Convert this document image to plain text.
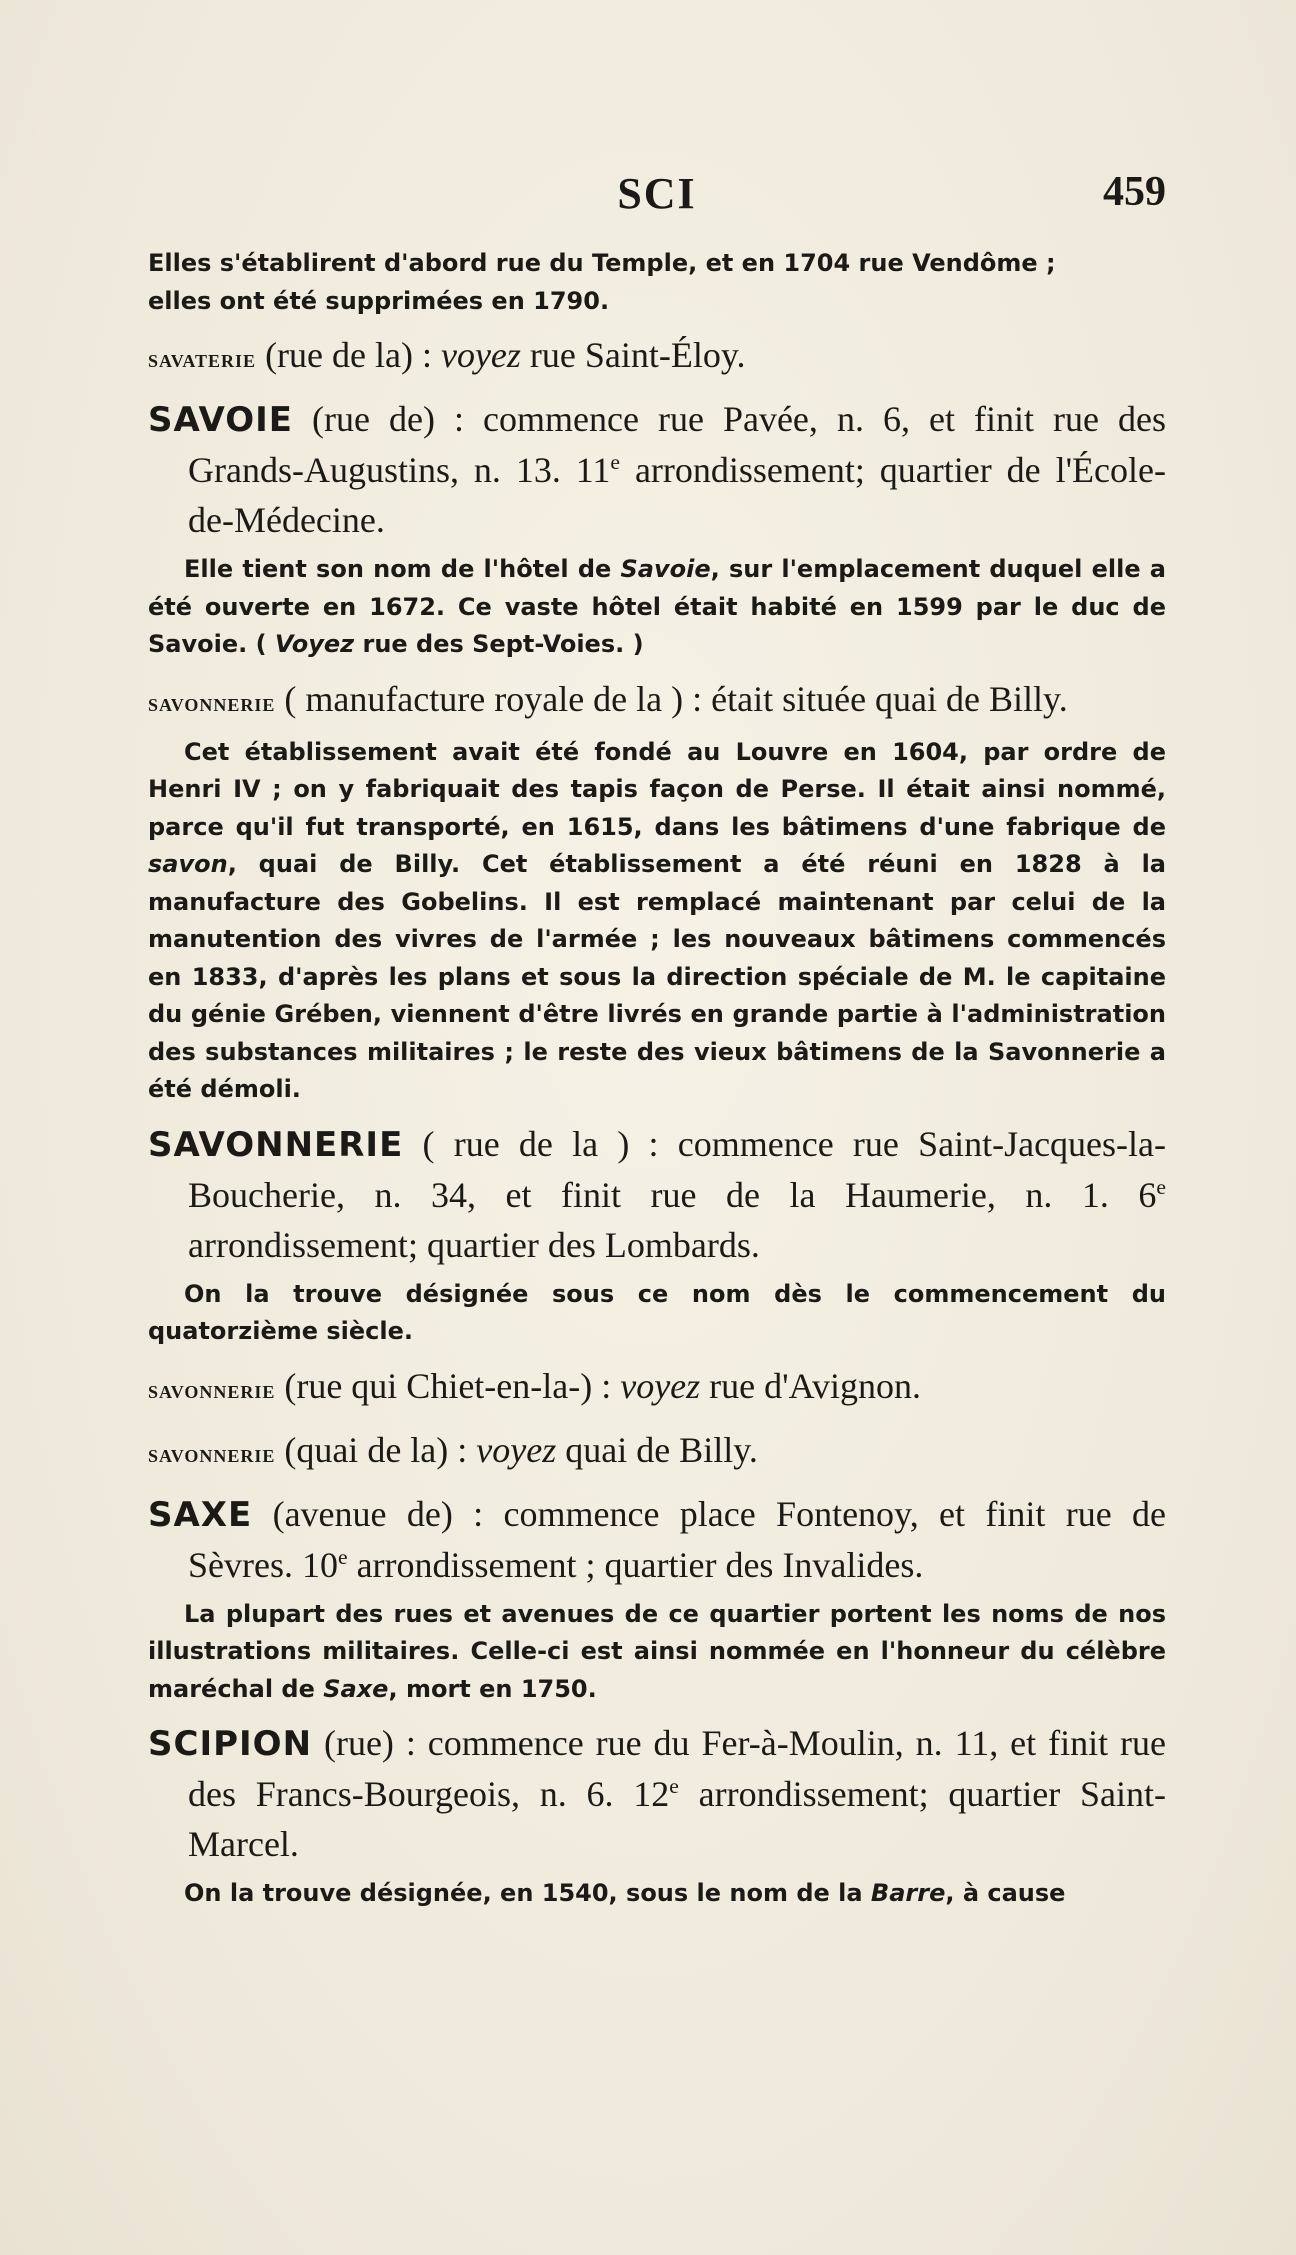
SCI	459

Elles s'établirent d'abord rue du Temple, et en 1704 rue Vendôme ;
elles ont été supprimées en 1790.

savaterie (rue de la) : voyez rue Saint-Éloy.

SAVOIE (rue de) : commence rue Pavée, n. 6, et finit rue des Grands-Augustins, n. 13. 11e arrondissement; quartier de l'École-de-Médecine.

Elle tient son nom de l'hôtel de Savoie, sur l'emplacement duquel elle a été ouverte en 1672. Ce vaste hôtel était habité en 1599 par le duc de Savoie. ( Voyez rue des Sept-Voies. )

savonnerie ( manufacture royale de la ) : était située quai de Billy.

Cet établissement avait été fondé au Louvre en 1604, par ordre de Henri IV ; on y fabriquait des tapis façon de Perse. Il était ainsi nommé, parce qu'il fut transporté, en 1615, dans les bâtimens d'une fabrique de savon, quai de Billy. Cet établissement a été réuni en 1828 à la manufacture des Gobelins. Il est remplacé maintenant par celui de la manutention des vivres de l'armée ; les nouveaux bâtimens commencés en 1833, d'après les plans et sous la direction spéciale de M. le capitaine du génie Grében, viennent d'être livrés en grande partie à l'administration des substances militaires ; le reste des vieux bâtimens de la Savonnerie a été démoli.

SAVONNERIE ( rue de la ) : commence rue Saint-Jacques-la-Boucherie, n. 34, et finit rue de la Haumerie, n. 1. 6e arrondissement; quartier des Lombards.

On la trouve désignée sous ce nom dès le commencement du quatorzième siècle.

savonnerie (rue qui Chiet-en-la-) : voyez rue d'Avignon.

savonnerie (quai de la) : voyez quai de Billy.

SAXE (avenue de) : commence place Fontenoy, et finit rue de Sèvres. 10e arrondissement ; quartier des Invalides.

La plupart des rues et avenues de ce quartier portent les noms de nos illustrations militaires. Celle-ci est ainsi nommée en l'honneur du célèbre maréchal de Saxe, mort en 1750.

SCIPION (rue) : commence rue du Fer-à-Moulin, n. 11, et finit rue des Francs-Bourgeois, n. 6. 12e arrondissement; quartier Saint-Marcel.

On la trouve désignée, en 1540, sous le nom de la Barre, à cause
